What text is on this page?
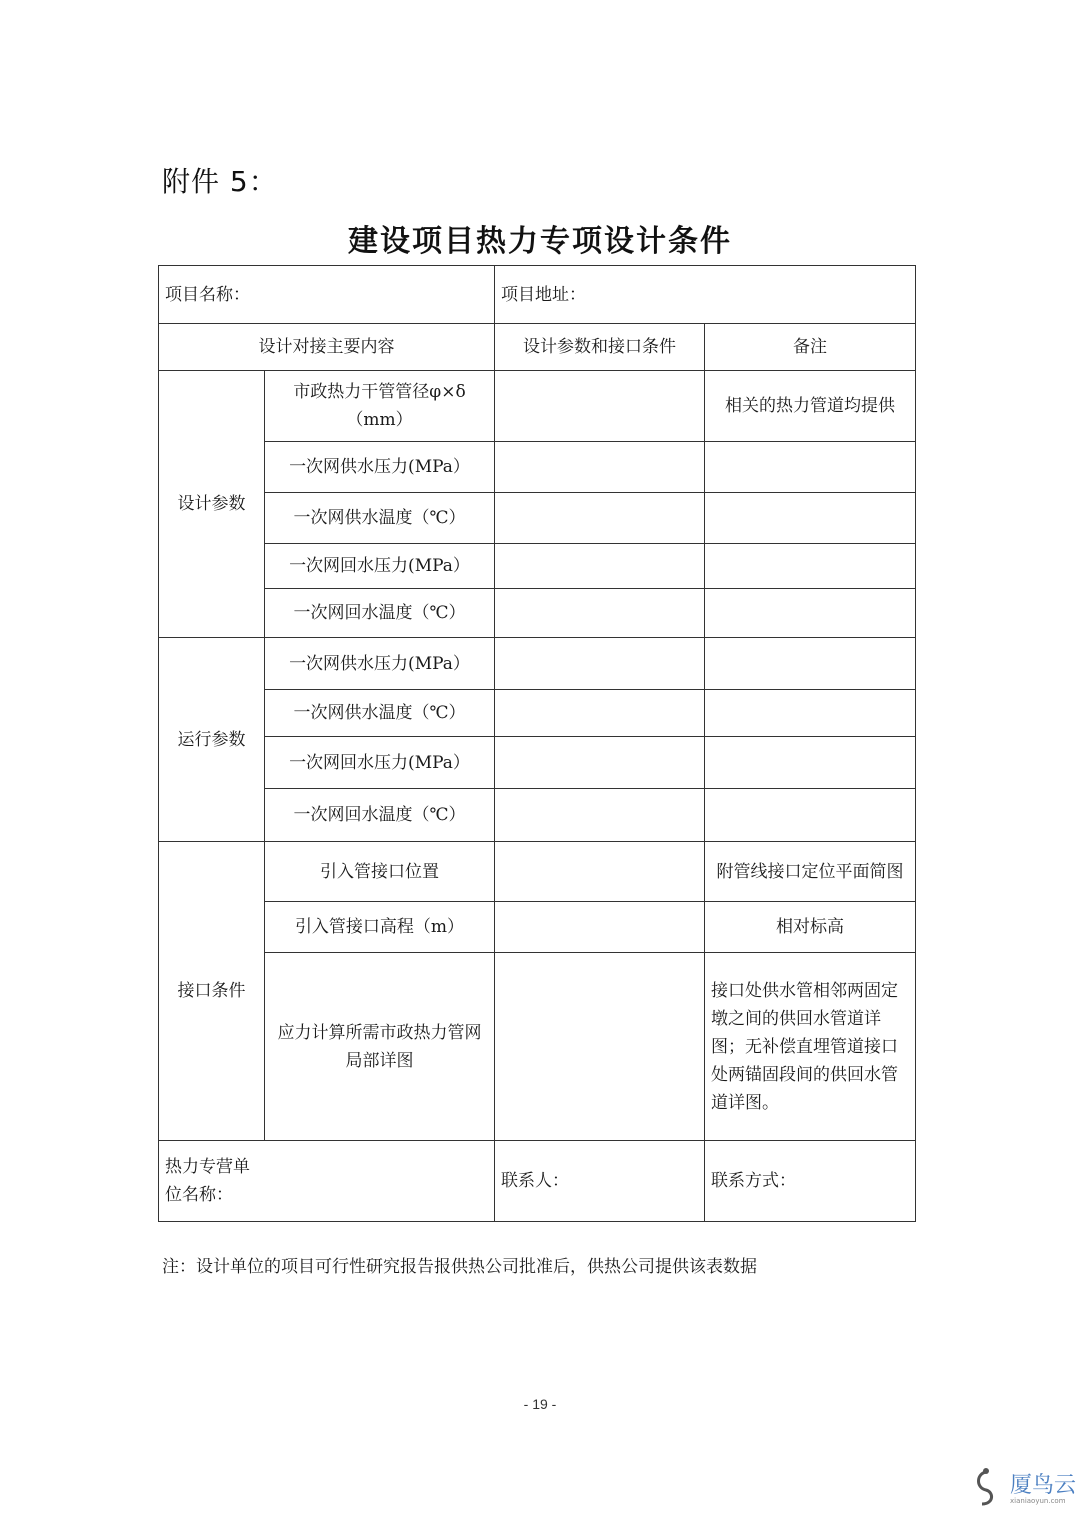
附件 5：
建设项目热力专项设计条件
项目名称：		项目地址：	
设计对接主要内容		设计参数和接口条件	备注
设计参数	市政热力干管管径φ×δ（mm）		相关的热力管道均提供
	一次网供水压力(MPa）		
	一次网供水温度（℃）		
	一次网回水压力(MPa）		
	一次网回水温度（℃）		
运行参数	一次网供水压力(MPa）		
	一次网供水温度（℃）		
	一次网回水压力(MPa）		
	一次网回水温度（℃）		
接口条件	引入管接口位置		附管线接口定位平面简图
	引入管接口高程（m）		相对标高
	应力计算所需市政热力管网局部详图		接口处供水管相邻两固定墩之间的供回水管道详图；无补偿直埋管道接口处两锚固段间的供回水管道详图。
热力专营单位名称：		联系人：	联系方式：
注：设计单位的项目可行性研究报告报供热公司批准后，供热公司提供该表数据
- 19 -
厦鸟云
xianiaoyun.com
